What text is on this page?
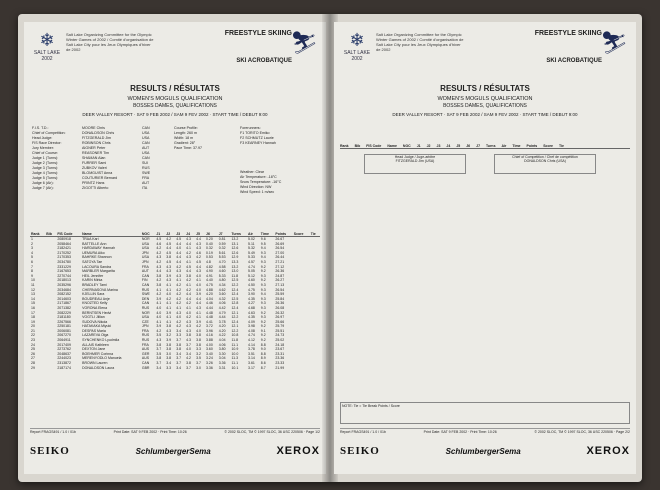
❄
SALT LAKE 2002
Salt Lake Organizing Committee for the Olympic Winter Games of 2002 / Comité d'organisation de Salt Lake City pour les Jeux Olympiques d'hiver de 2002
FREESTYLE SKIING
⛷
SKI ACROBATIQUE
RESULTS / RÉSULTATS
WOMEN'S MOGULS QUALIFICATION
BOSSES DAMES, QUALIFICATIONS
DEER VALLEY RESORT · SAT 9 FEB 2002 / SAM 9 FEV 2002 · START TIME / DEBUT 9:00
F.I.S. T.D.:	MOORE Chris	CAN
Chief of Competition:	DONALDSON Chris	USA
Head Judge:	FITZGERALD Jim	USA
FIS Race Director:	ROBINSON Chris	CAN
Jury Member:	AIGNER Peter	AUT
Chief of Course:	REASONER Tim	USA
Judge 1 (Turns):	SHAMAN Alan	CAN
Judge 2 (Turns):	FURRER Sami	SUI
Judge 3 (Turns):	ZUBKOV Valeri	RUS
Judge 4 (Turns):	BLOMGUIST Anna	SWE
Judge 5 (Turns):	COUTURIER Bernard	FRA
Judge 6 (Air):	PRINTZ Hans	AUT
Judge 7 (Air):	ZIGOTTI Alberto	ITA
Course Profile:
Length: 260 m
Width: 18 m
Gradient: 28°
Pace Time: 37.97
Forerunners:
F1 TORITO Emiko
F2 SCHMUTZ Laurie
F3 KEARNEY Hannah
Weather: Clear
Air Temperature: -18°C
Snow Temperature: -16°C
Wind Direction: NW
Wind Speed: 1 m/sec
Rank	Bib	FIS Code	Name	NOC	J1	J2	J3	J4	J5	J6	J7	Turns	Air	Time	Points	Score	Tie
1		2080918	TRAA Kari	NOR	4.5	4.2	4.5	4.3	4.4	0.20	0.81	13.2	5.02	9.6	26.67		
2		2058464	BATTELLE Ann	USA	4.6	4.5	4.4	4.4	4.3	0.40	0.59	13.1	5.11	9.5	26.69		
3		2182421	HARDAWAY Hannah	USA	4.2	4.4	4.0	4.1	4.3	0.32	0.32	12.6	5.32	9.4	26.54		
4		2170252	UEMURA Aiko	JPN	4.2	4.5	4.4	4.2	4.6	0.19	5.61	12.6	5.49	9.3	27.00		
5		2170353	BAHRKE Shannon	USA	4.3	3.8	4.4	4.3	4.2	0.53	5.53	12.9	5.33	9.4	26.44		
6		2034780	SATOYA Tae	JPN	4.2	4.5	4.4	4.1	4.5	4.8	4.70	13.3	4.57	9.3	27.21		
7		2331229	LACOURA Sandra	FRA	4.3	4.3	4.2	4.5	4.4	4.82	4.58	13.2	4.74	9.2	27.12		
8		2167653	MARBLER Margarita	AUT	4.4	4.3	4.3	4.4	4.3	4.90	4.60	13.0	5.05	9.2	26.36		
9		2270744	HEIL Jennifer	CAN	3.8	3.9	4.3	3.8	4.0	4.91	5.33	11.8	5.12	9.3	24.87		
10		2018013	KARIN Mirka	FIN	4.2	4.3	4.1	4.2	4.1	4.40	4.80	12.5	4.60	9.2	26.27		
11		2035296	BRADLEY Tami	CAN	3.8	4.1	4.2	4.1	4.0	4.75	4.34	12.2	4.50	9.3	27.13		
12		2034684	CHERNASOVA Marina	RUS	4.1	4.1	4.2	4.2	4.0	4.88	4.62	12.4	4.75	9.3	26.54		
13		2082152	KJELLIN Sara	SWE	4.2	4.0	4.2	4.4	3.9	4.20	3.60	12.4	3.90	9.4	25.59		
14		2014603	BOUDREAU Anje	DEN	3.9	4.2	4.2	4.4	4.4	4.04	4.32	12.5	4.35	9.3	25.84		
15		2171867	KNOZTED Kelly	CAN	4.1	4.1	4.2	4.2	4.4	4.46	4.06	12.8	4.27	9.3	26.36		
16		2071382	VORONA Elena	RUS	4.0	4.1	4.1	4.1	4.3	4.44	4.42	12.4	4.68	9.3	26.08		
17		2082229	BERNTSEN Hedvi	NOR	4.0	3.9	4.3	4.0	4.1	4.48	4.79	12.1	4.63	9.2	26.32		
18		2181180	VOGTLI Jillian	USA	4.0	4.1	4.0	4.2	4.1	4.48	4.44	12.2	4.35	9.3	26.97		
19		2267566	SUDOVA Nikola	CZE	4.1	4.1	4.2	4.3	3.9	4.41	3.78	12.4	4.09	9.2	25.66		
20		2250181	HATAKAKA Miyuki	JPN	3.9	3.8	4.2	4.3	4.2	3.72	4.20	12.1	3.98	9.2	25.79		
21		2006081	DESPAS Maria	FRA	4.2	4.3	3.4	4.3	4.0	3.96	4.20	12.2	4.08	9.1	25.51		
22		2067270	LAZAREVA Olga	RUS	3.5	3.2	3.3	3.8	3.8	4.16	4.22	10.8	4.74	9.2	24.73		
23		2064911	SYNCHENKO Lyudmila	RUS	4.3	3.9	3.7	4.3	3.8	3.88	4.04	11.8	4.12	9.2	25.02		
24		2017409	ALLAIS Kathleen	FRA	3.8	3.8	3.8	3.7	3.8	4.00	4.06	11.1	4.14	8.8	24.18		
25		2273762	DEXTON Jane	AUS	3.7	3.8	3.8	4.0	3.3	3.60	3.80	10.9	3.78	9.0	23.67		
26		2048637	BOEHMER Corinna	GER	3.5	3.0	3.4	3.4	3.2	3.40	3.30	10.0	3.51	8.8	23.31		
27		2244023	MERENYODLO Manuela	AUS	3.8	3.8	3.7	4.2	3.5	3.24	3.04	11.3	3.14	8.9	23.36		
28		2313872	BROWN Lauren	CAN	3.7	3.4	3.7	3.8	3.7	3.26	3.36	11.1	3.61	8.6	23.33		
29		2187174	DONALDSON Laura	GBR	3.4	3.3	3.4	3.7	3.0	3.36	3.31	10.1	3.17	8.7	21.99		
Report FRAGS491 / 1.0 / 01b	Print Date: SAT 9 FEB 2002 · Print Time: 10:26	© 2002 SLOC, TM © 1997 SLOC, 36 USC 220506 · Page 1/2
SEIKO	SchlumbergerSema	XEROX
❄
SALT LAKE 2002
Salt Lake Organizing Committee for the Olympic Winter Games of 2002 / Comité d'organisation de Salt Lake City pour les Jeux Olympiques d'hiver de 2002
FREESTYLE SKIING
⛷
SKI ACROBATIQUE
RESULTS / RÉSULTATS
WOMEN'S MOGULS QUALIFICATION
BOSSES DAMES, QUALIFICATIONS
DEER VALLEY RESORT · SAT 9 FEB 2002 / SAM 9 FEV 2002 · START TIME / DEBUT 9:00
Rank Bib FIS Code Name NOC J1 J2 J3 J4 J5 J6 J7 Turns Air Time Points Score Tie
Head Judge / Juge-arbitre
FITZGERALD Jim (USA)
Chief of Competition / Chef de compétition
DONALDSON Chris (USA)
NOTE: Tie = Tie Break Points / Score
Report FRAGS491 / 1.0 / 01b	Print Date: SAT 9 FEB 2002 · Print Time: 10:26	© 2002 SLOC, TM © 1997 SLOC, 36 USC 220506 · Page 2/2
SEIKO	SchlumbergerSema	XEROX
